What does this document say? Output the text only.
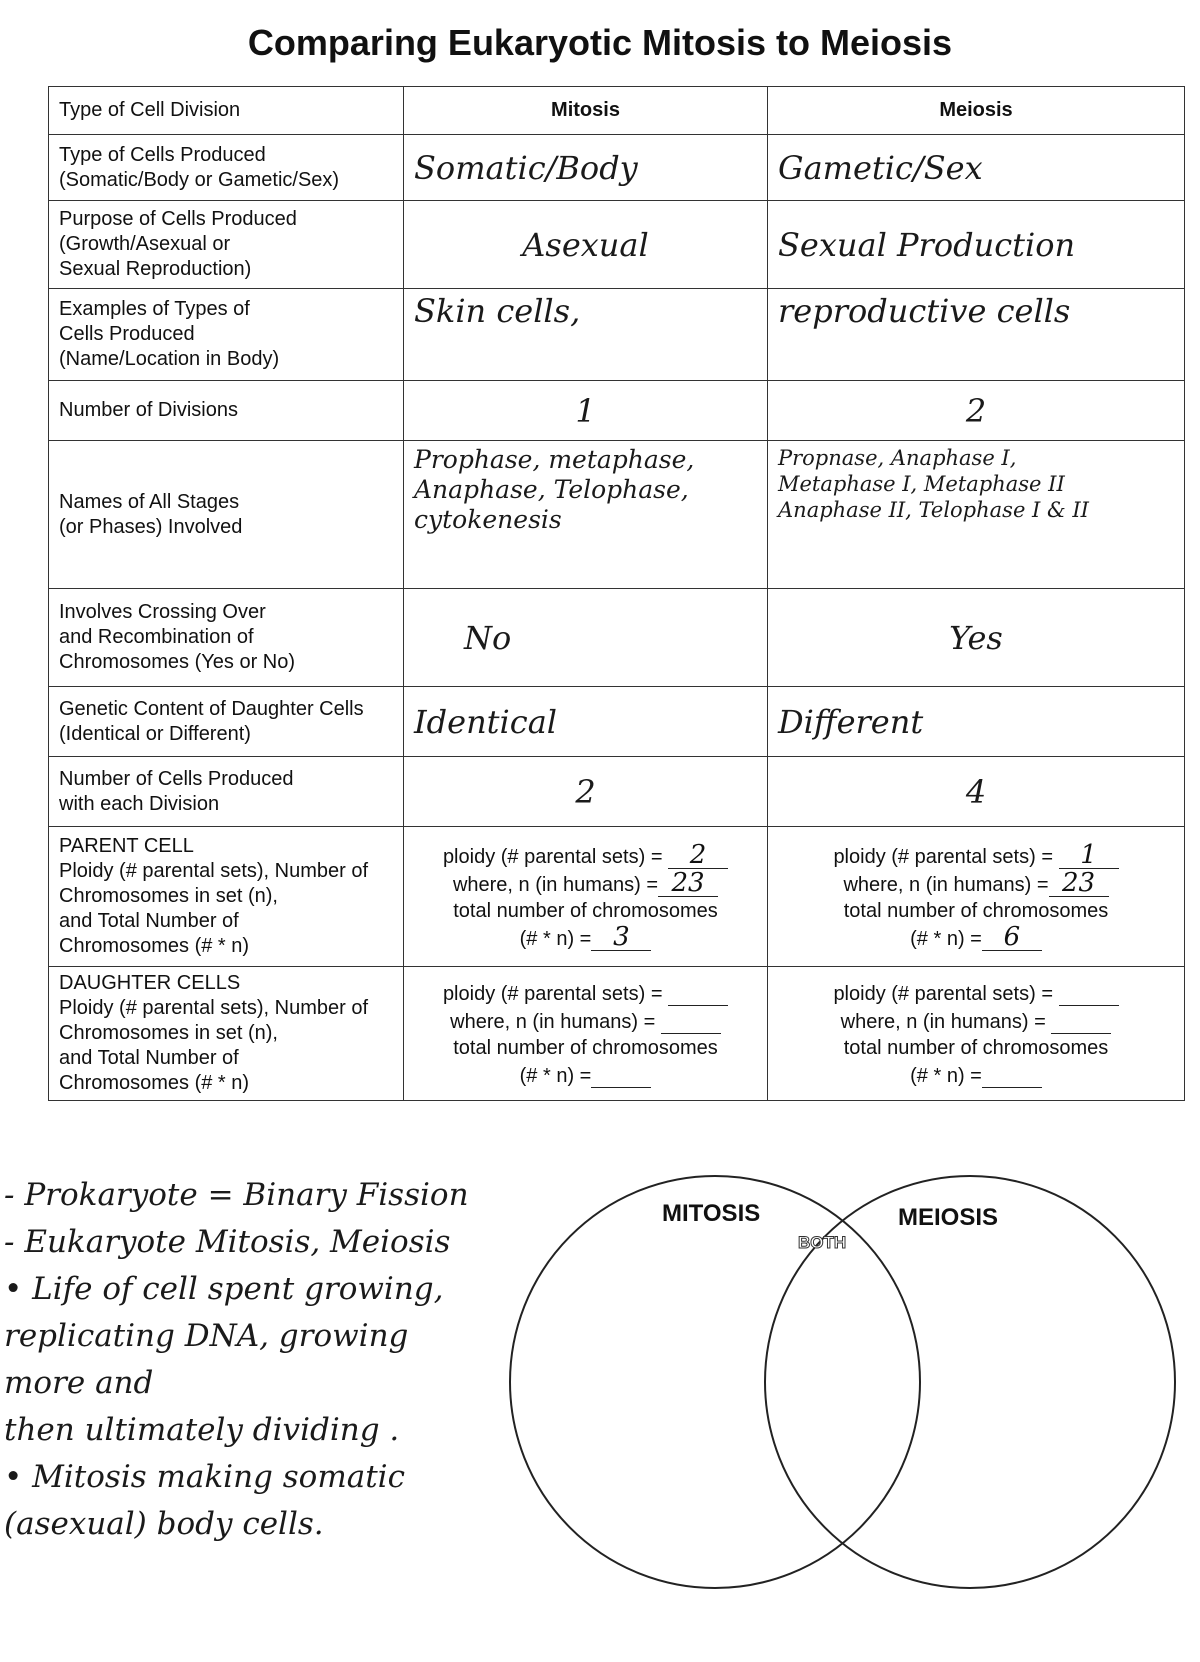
Comparing Eukaryotic Mitosis to Meiosis
Type of Cell Division	Mitosis	Meiosis

Type of Cells Produced
(Somatic/Body or Gametic/Sex)	Somatic/Body	Gametic/Sex

Purpose of Cells Produced
(Growth/Asexual or
Sexual Reproduction)	Asexual	Sexual Production

Examples of Types of
Cells Produced
(Name/Location in Body)	Skin cells,	reproductive cells
Number of Divisions	1	2

Names of All Stages
(or Phases) Involved	Prophase, metaphase,
Anaphase, Telophase,
cytokenesis	Propnase, Anaphase I,
Metaphase I, Metaphase II
Anaphase II, Telophase I & II

Involves Crossing Over
and Recombination of
Chromosomes (Yes or No)	No	Yes

Genetic Content of Daughter Cells
(Identical or Different)	Identical	Different

Number of Cells Produced
with each Division	2	4

PARENT CELL
Ploidy (# parental sets), Number of
Chromosomes in set (n),
and Total Number of
Chromosomes (# * n)	ploidy (# parental sets) = 2
where, n (in humans) = 23
total number of chromosomes
(# * n) = 3	ploidy (# parental sets) = 1
where, n (in humans) = 23
total number of chromosomes
(# * n) = 6

DAUGHTER CELLS
Ploidy (# parental sets), Number of
Chromosomes in set (n),
and Total Number of
Chromosomes (# * n)	ploidy (# parental sets) =
where, n (in humans) =
total number of chromosomes
(# * n) =	ploidy (# parental sets) =
where, n (in humans) =
total number of chromosomes
(# * n) =
- Prokaryote = Binary Fission
- Eukaryote Mitosis, Meiosis
• Life of cell spent growing,
replicating DNA, growing more and
then ultimately dividing .
• Mitosis making somatic
(asexual) body cells.
MITOSIS	MEIOSIS
BOTH
